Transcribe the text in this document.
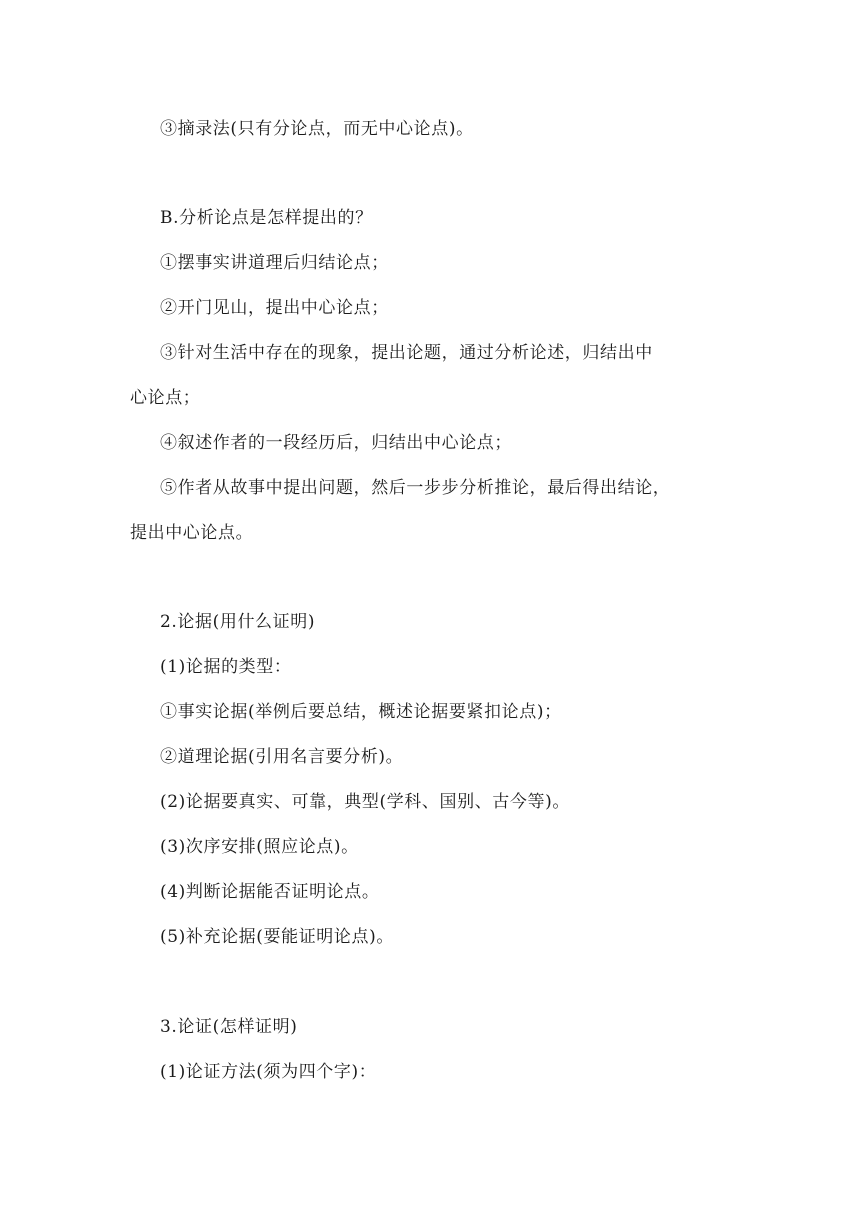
③摘录法(只有分论点，而无中心论点)。
B.分析论点是怎样提出的？
①摆事实讲道理后归结论点；
②开门见山，提出中心论点；
③针对生活中存在的现象，提出论题，通过分析论述，归结出中
心论点；
④叙述作者的一段经历后，归结出中心论点；
⑤作者从故事中提出问题，然后一步步分析推论，最后得出结论，
提出中心论点。
2.论据(用什么证明)
(1)论据的类型：
①事实论据(举例后要总结，概述论据要紧扣论点)；
②道理论据(引用名言要分析)。
(2)论据要真实、可靠，典型(学科、国别、古今等)。
(3)次序安排(照应论点)。
(4)判断论据能否证明论点。
(5)补充论据(要能证明论点)。
3.论证(怎样证明)
(1)论证方法(须为四个字)：
